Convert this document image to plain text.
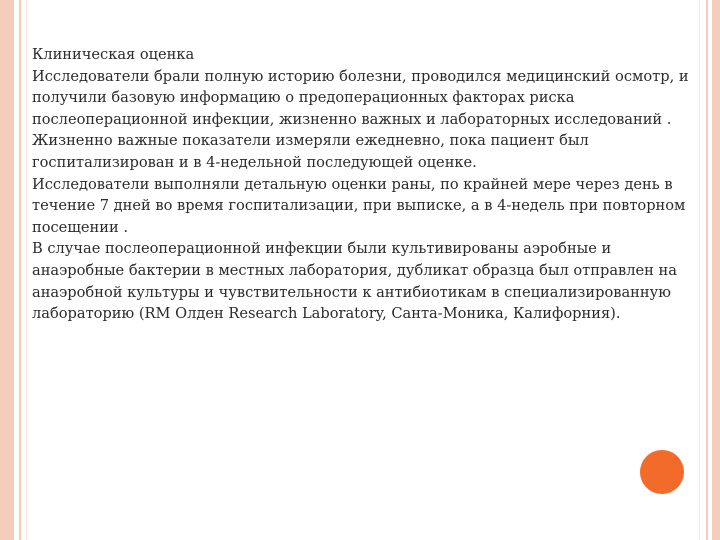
Клиническая оценка

Исследователи брали полную историю болезни, проводился медицинский осмотр, и получили базовую информацию о предоперационных факторах риска послеоперационной инфекции, жизненно важных и лабораторных исследований . Жизненно важные показатели измеряли ежедневно, пока пациент был госпитализирован и в 4-недельной последующей оценке.

Исследователи выполняли детальную оценки раны, по крайней мере через день в течение 7 дней во время госпитализации, при выписке, а в 4-недель при повторном посещении .

В случае послеоперационной инфекции были культивированы аэробные и анаэробные бактерии в местных лаборатория, дубликат образца был отправлен на анаэробной культуры и чувствительности к антибиотикам в специализированную лабораторию (RM Олден Research Laboratory, Санта-Моника, Калифорния).
